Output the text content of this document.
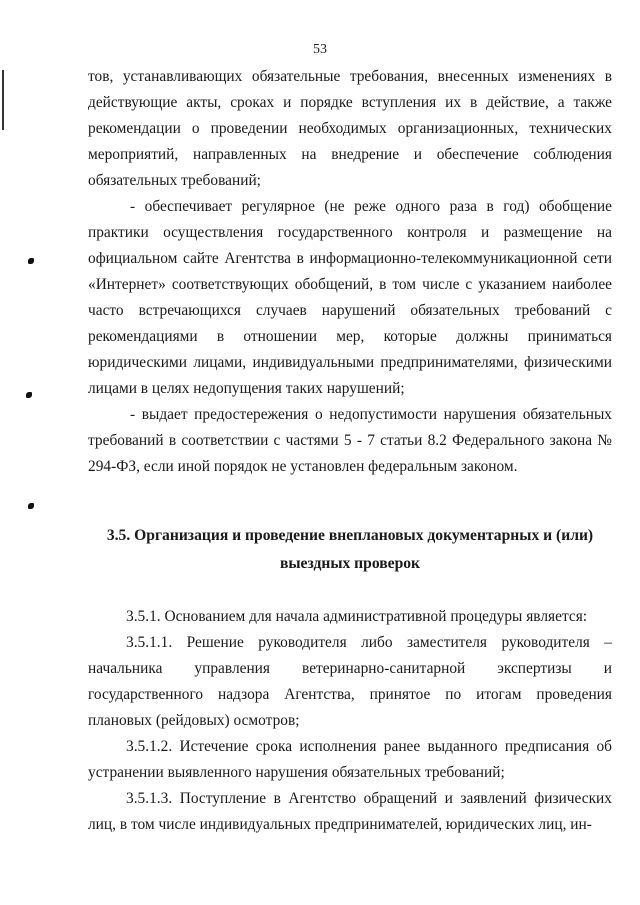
53

тов, устанавливающих обязательные требования, внесенных изменениях в действующие акты, сроках и порядке вступления их в действие, а также рекомендации о проведении необходимых организационных, технических мероприятий, направленных на внедрение и обеспечение соблюдения обязательных требований;

- обеспечивает регулярное (не реже одного раза в год) обобщение практики осуществления государственного контроля и размещение на официальном сайте Агентства в информационно-телекоммуникационной сети «Интернет» соответствующих обобщений, в том числе с указанием наиболее часто встречающихся случаев нарушений обязательных требований с рекомендациями в отношении мер, которые должны приниматься юридическими лицами, индивидуальными предпринимателями, физическими лицами в целях недопущения таких нарушений;

- выдает предостережения о недопустимости нарушения обязательных требований в соответствии с частями 5 - 7 статьи 8.2 Федерального закона № 294-ФЗ, если иной порядок не установлен федеральным законом.

3.5. Организация и проведение внеплановых документарных и (или)
выездных проверок

3.5.1. Основанием для начала административной процедуры является:

3.5.1.1. Решение руководителя либо заместителя руководителя – начальника управления ветеринарно-санитарной экспертизы и государственного надзора Агентства, принятое по итогам проведения плановых (рейдовых) осмотров;

3.5.1.2. Истечение срока исполнения ранее выданного предписания об устранении выявленного нарушения обязательных требований;

3.5.1.3. Поступление в Агентство обращений и заявлений физических лиц, в том числе индивидуальных предпринимателей, юридических лиц, ин-
